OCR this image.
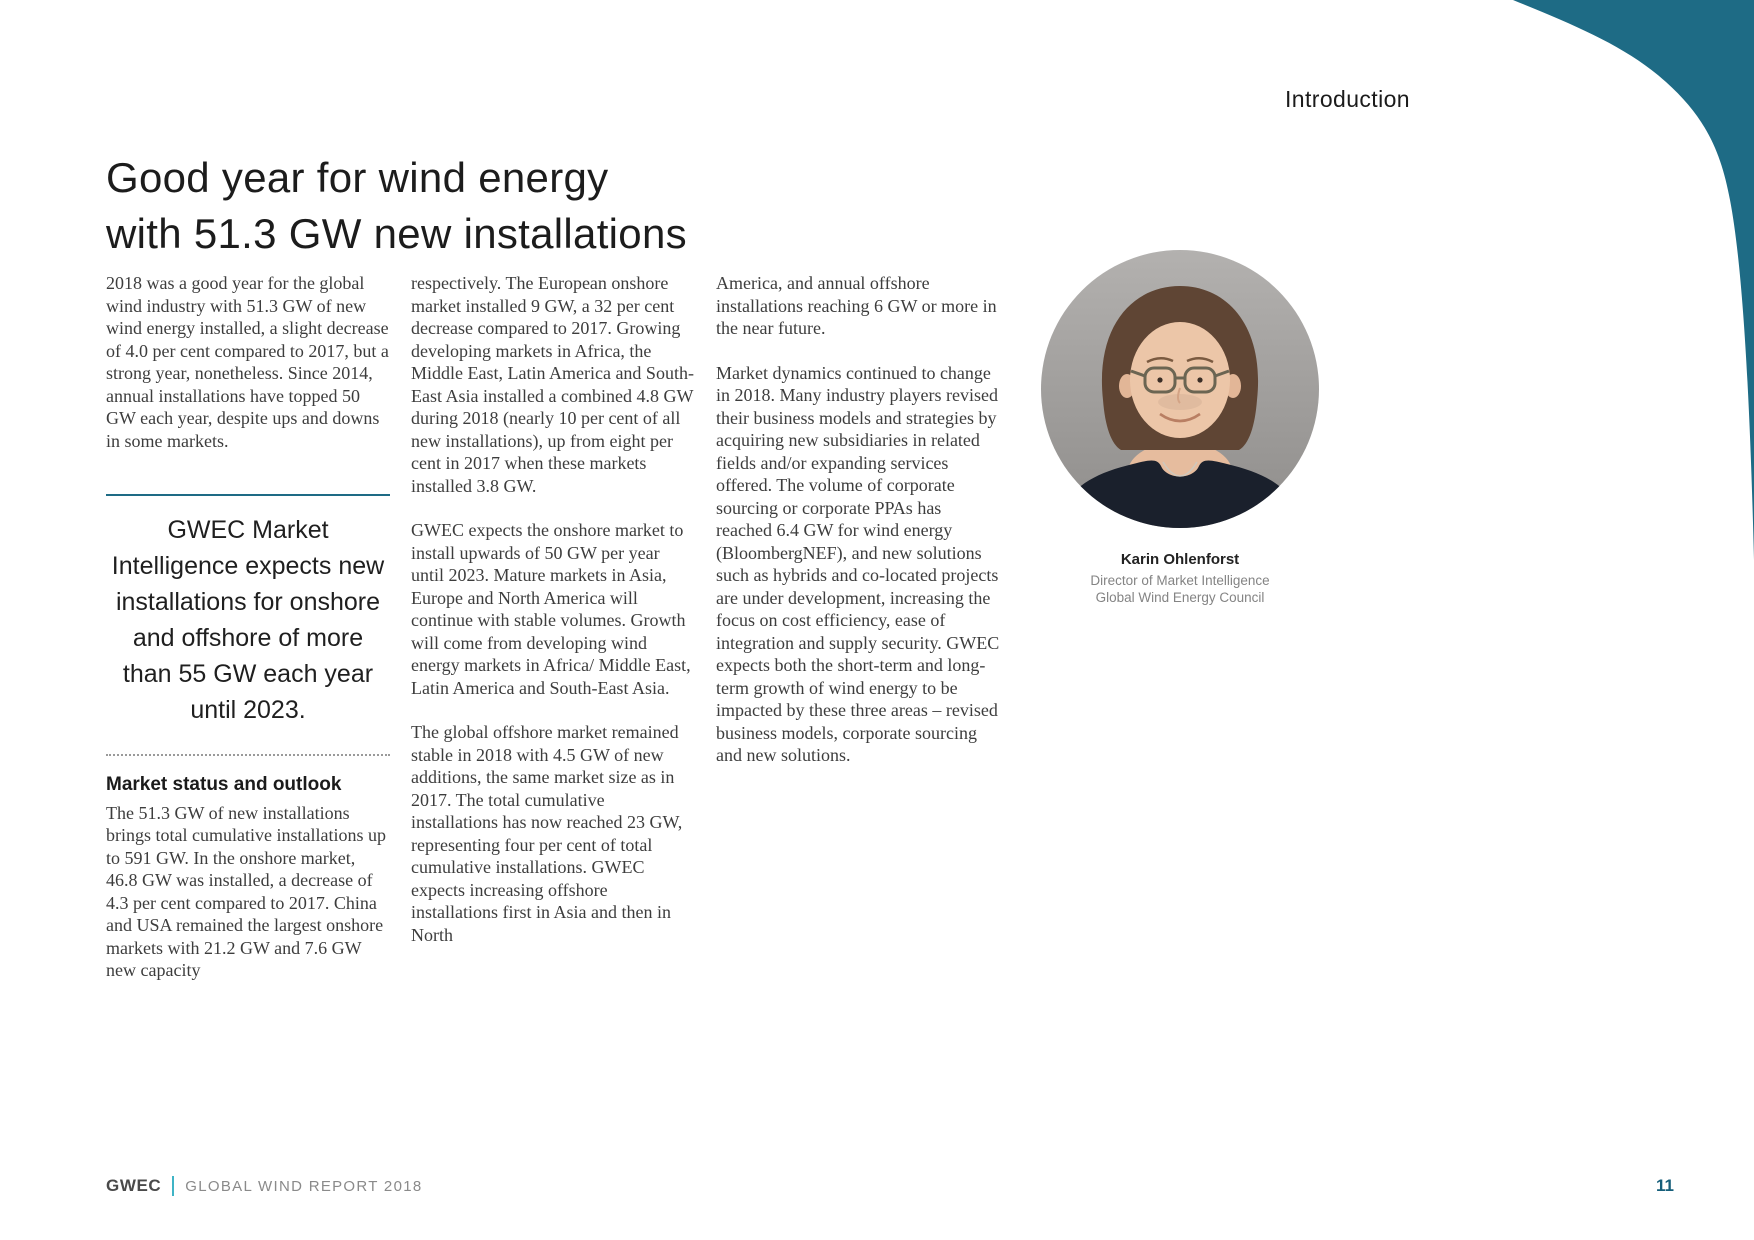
Introduction
Good year for wind energy
with 51.3 GW new installations

2018 was a good year for the global wind industry with 51.3 GW of new wind energy installed, a slight decrease of 4.0 per cent compared to 2017, but a strong year, nonetheless. Since 2014, annual installations have topped 50 GW each year, despite ups and downs in some markets.

GWEC Market Intelligence expects new installations for onshore and offshore of more than 55 GW each year until 2023.
Market status and outlook

The 51.3 GW of new installations brings total cumulative installations up to 591 GW. In the onshore market, 46.8 GW was installed, a decrease of 4.3 per cent compared to 2017. China and USA remained the largest onshore markets with 21.2 GW and 7.6 GW new capacity

respectively. The European onshore market installed 9 GW, a 32 per cent decrease compared to 2017. Growing developing markets in Africa, the Middle East, Latin America and South-East Asia installed a combined 4.8 GW during 2018 (nearly 10 per cent of all new installations), up from eight per cent in 2017 when these markets installed 3.8 GW.

GWEC expects the onshore market to install upwards of 50 GW per year until 2023. Mature markets in Asia, Europe and North America will continue with stable volumes. Growth will come from developing wind energy markets in Africa/ Middle East, Latin America and South-East Asia.

The global offshore market remained stable in 2018 with 4.5 GW of new additions, the same market size as in 2017. The total cumulative installations has now reached 23 GW, representing four per cent of total cumulative installations. GWEC expects increasing offshore installations first in Asia and then in North

America, and annual offshore installations reaching 6 GW or more in the near future.

Market dynamics continued to change in 2018. Many industry players revised their business models and strategies by acquiring new subsidiaries in related fields and/or expanding services offered. The volume of corporate sourcing or corporate PPAs has reached 6.4 GW for wind energy (BloombergNEF), and new solutions such as hybrids and co-located projects are under development, increasing the focus on cost efficiency, ease of integration and supply security. GWEC expects both the short-term and long-term growth of wind energy to be impacted by these three areas – revised business models, corporate sourcing and new solutions.

Karin Ohlenforst
Director of Market Intelligence
Global Wind Energy Council
GWEC GLOBAL WIND REPORT 2018	11
